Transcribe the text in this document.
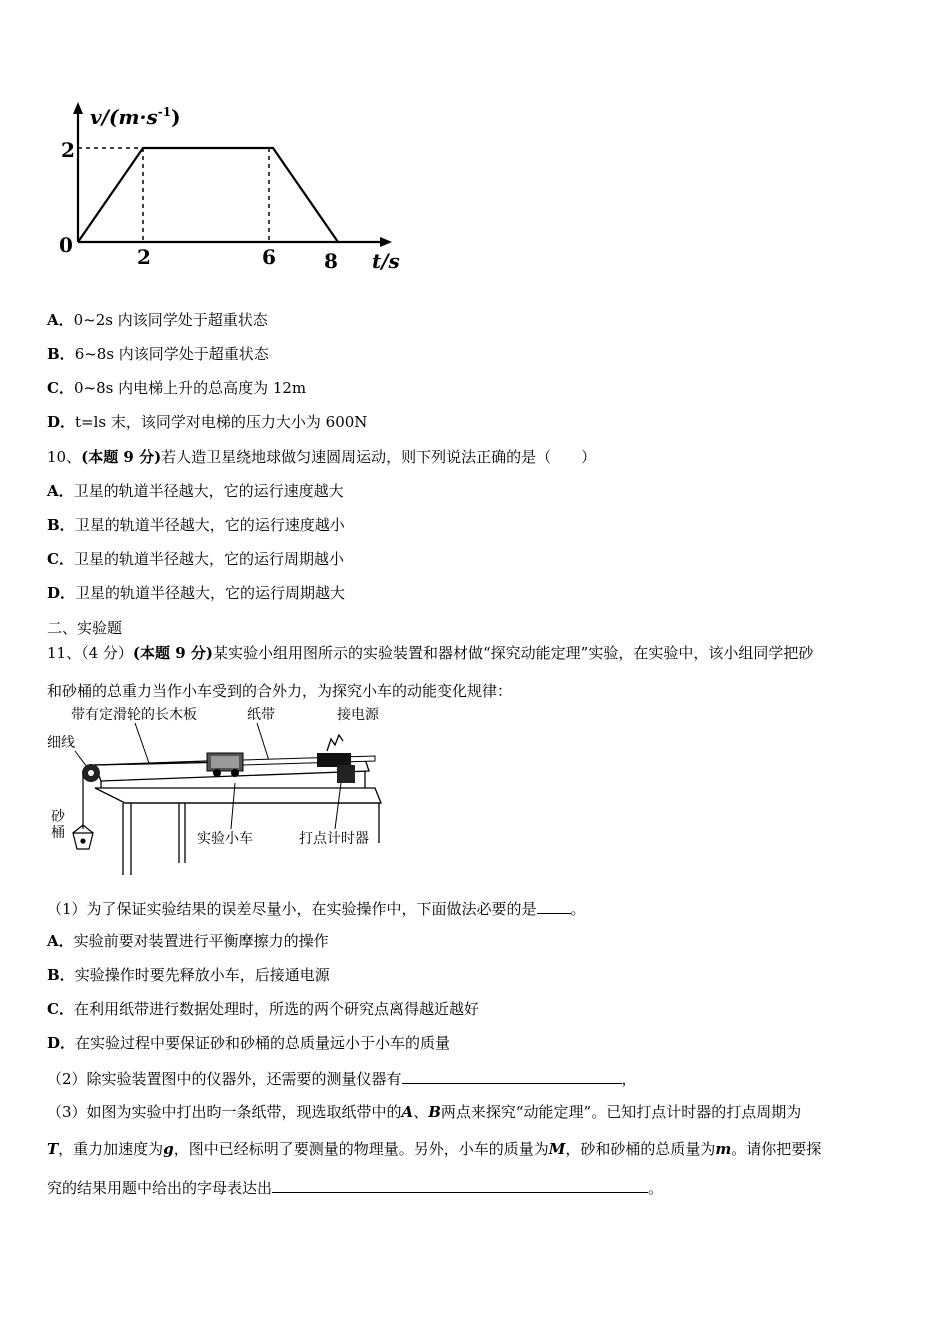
$v/(m\cdot s^{-1})$
2
0	2	6 8 t/s
A．0~2s 内该同学处于超重状态
B．6~8s 内该同学处于超重状态
C．0~8s 内电梯上升的总高度为 12m
D．t=ls 末，该同学对电梯的压力大小为 600N
10、(本题 9 分)若人造卫星绕地球做匀速圆周运动，则下列说法正确的是（　　）
A．卫星的轨道半径越大，它的运行速度越大
B．卫星的轨道半径越大，它的运行速度越小
C．卫星的轨道半径越大，它的运行周期越小
D．卫星的轨道半径越大，它的运行周期越大
二、实验题
11、（4 分）(本题 9 分)某实验小组用图所示的实验装置和器材做“探究动能定理”实验，在实验中，该小组同学把砂
和砂桶的总重力当作小车受到的合外力，为探究小车的动能变化规律：
带有定滑轮的长木板	纸带	接电源
细线
砂
桶	实验小车	打点计时器
（1）为了保证实验结果的误差尽量小，在实验操作中，下面做法必要的是 。
A．实验前要对装置进行平衡摩擦力的操作
B．实验操作时要先释放小车，后接通电源
C．在利用纸带进行数据处理时，所选的两个研究点离得越近越好
D．在实验过程中要保证砂和砂桶的总质量远小于小车的质量
（2）除实验装置图中的仪器外，还需要的测量仪器有	，
（3）如图为实验中打出昀一条纸带，现选取纸带中的A、B两点来探究“动能定理”。已知打点计时器的打点周期为
T，重力加速度为g，图中已经标明了要测量的物理量。另外，小车的质量为M，砂和砂桶的总质量为m。请你把要探
究的结果用题中给出的字母表达出	。
